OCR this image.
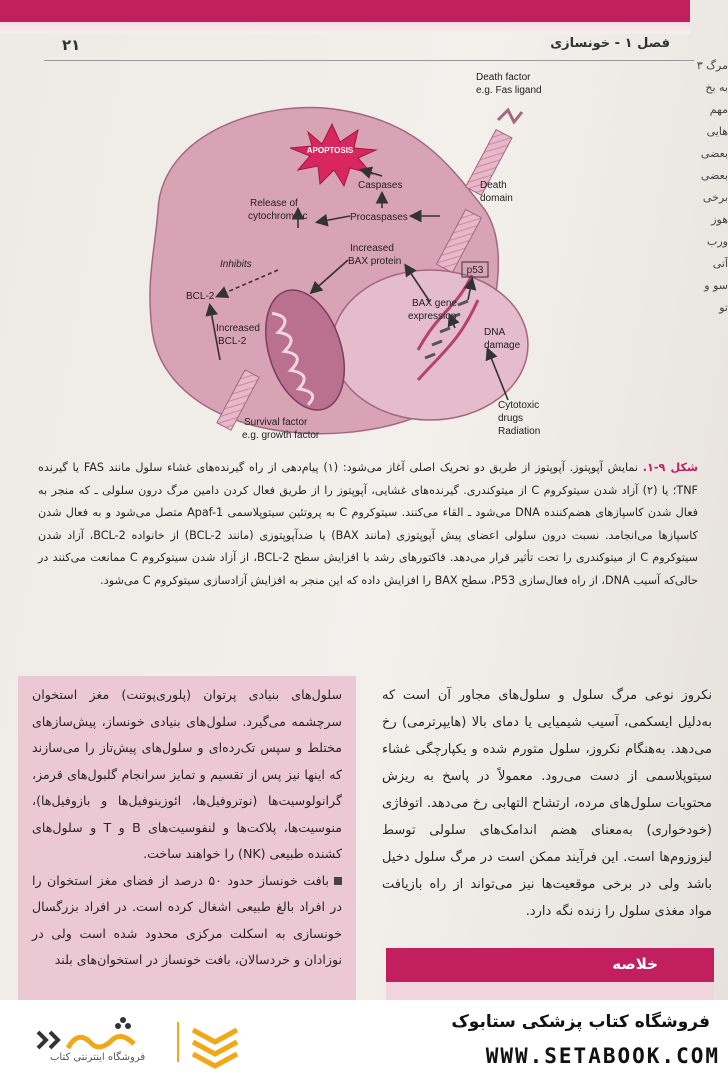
۲۱	فصل ۱ - خونسازی
مرگ ۳
به بخ
مهم هایی
بعضی
بعضی
برخی
هوز
ورب
آتی
سو و
تو
APOPTOSIS
Death factor
e.g. Fas ligand
Caspases
Procaspases
Death
domain
Release of
cytochrome c
Increased
BAX protein
Inhibits
BCL-2
Increased
BCL-2
p53
BAX gene
expression
DNA
damage
Cytotoxic
drugs
Radiation
Survival factor
e.g. growth factor
شکل ۹-۱. نمایش آپوپتوز. آپوپتوز از طریق دو تحریک اصلی آغاز می‌شود: (۱) پیام‌دهی از راه گیرنده‌های غشاء سلول مانند FAS یا گیرنده TNF؛ یا (۲) آزاد شدن سیتوکروم C از میتوکندری. گیرنده‌های غشایی، آپوپتوز را از طریق فعال کردن دامین مرگ درون سلولی ـ که منجر به فعال شدن کاسپازهای هضم‌کننده DNA می‌شود ـ القاء می‌کنند. سیتوکروم C به پروتئین سیتوپلاسمی Apaf-1 متصل می‌شود و به فعال شدن کاسپازها می‌انجامد. نسبت درون سلولی اعضای پیش آپوپتوزی (مانند BAX) یا ضدآپوپتوزی (مانند BCL-2) از خانواده BCL-2، آزاد شدن سیتوکروم C از میتوکندری را تحت تأثیر قرار می‌دهد. فاکتورهای رشد با افزایش سطح BCL-2، از آزاد شدن سیتوکروم C ممانعت می‌کنند در حالی‌که آسیب DNA، از راه فعال‌سازی P53، سطح BAX را افزایش داده که این منجر به افزایش آزادسازی سیتوکروم C می‌شود.
نکروز نوعی مرگ سلول و سلول‌های مجاور آن است که به‌دلیل ایسکمی، آسیب شیمیایی یا دمای بالا (هایپرترمی) رخ می‌دهد. به‌هنگام نکروز، سلول متورم شده و یکپارچگی غشاء سیتوپلاسمی از دست می‌رود. معمولاً در پاسخ به ریزش محتویات سلول‌های مرده، ارتشاح التهابی رخ می‌دهد. اتوفاژی (خودخواری) به‌معنای هضم اندامک‌های سلولی توسط لیزوزوم‌ها است. این فرآیند ممکن است در مرگ سلول دخیل باشد ولی در برخی موقعیت‌ها نیز می‌تواند از راه بازیافت مواد مغذی سلول را زنده نگه دارد.
سلول‌های بنیادی پرتوان (پلوری‌پوتنت) مغز استخوان سرچشمه می‌گیرد. سلول‌های بنیادی خونساز، پیش‌سازهای مختلط و سپس تک‌رده‌ای و سلول‌های پیش‌تاز را می‌سازند که اینها نیز پس از تقسیم و تمایز سرانجام گلبول‌های قرمز، گرانولوسیت‌ها (نوتروفیل‌ها، ائوزینوفیل‌ها و بازوفیل‌ها)، منوسیت‌ها، پلاکت‌ها و لنفوسیت‌های B و T و سلول‌های کشنده طبیعی (NK) را خواهند ساخت.
بافت خونساز حدود ۵۰ درصد از فضای مغز استخوان را در افراد بالغ طبیعی اشغال کرده است. در افراد بزرگسال خونسازی به اسکلت مرکزی محدود شده است ولی در نوزادان و خردسالان، بافت خونساز در استخوان‌های بلند	خلاصه
فروشگاه اینترنتی کتاب
فروشگاه کتاب پزشکی ستابوک
WWW.SETABOOK.COM
